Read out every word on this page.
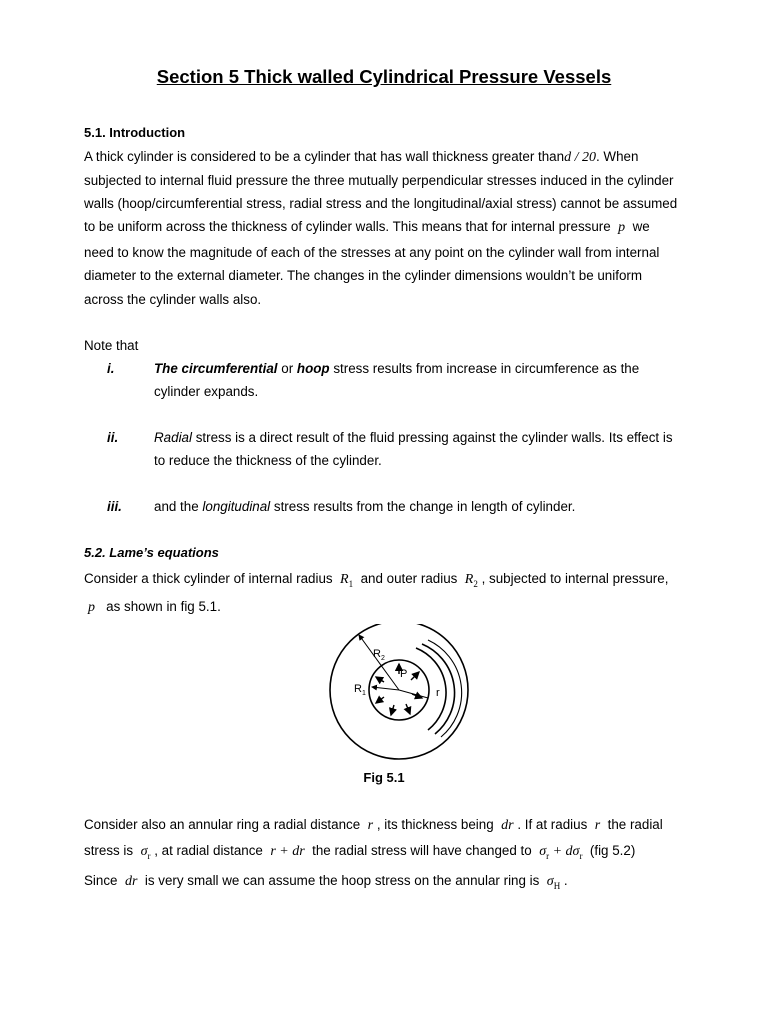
Section 5 Thick walled Cylindrical Pressure Vessels
5.1. Introduction
A thick cylinder is considered to be a cylinder that has wall thickness greater thand / 20. When
subjected to internal fluid pressure the three mutually perpendicular stresses induced in the cylinder
walls (hoop/circumferential stress, radial stress and the longitudinal/axial stress) cannot be assumed
to be uniform across the thickness of cylinder walls. This means that for internal pressure p we
need to know the magnitude of each of the stresses at any point on the cylinder wall from internal
diameter to the external diameter. The changes in the cylinder dimensions wouldn’t be uniform
across the cylinder walls also.
Note that
i.	The circumferential or hoop stress results from increase in circumference as the
cylinder expands.
ii.	Radial stress is a direct result of the fluid pressing against the cylinder walls. Its effect is
to reduce the thickness of the cylinder.
iii. and the longitudinal stress results from the change in length of cylinder.
5.2. Lame’s equations
Consider a thick cylinder of internal radius $R_1$ and outer radius $R_2$ , subjected to internal pressure,
p as shown in fig 5.1.
$R_2$
$R_1$
P
r
Fig 5.1
Consider also an annular ring a radial distance r , its thickness being dr . If at radius r the radial
stress is $\sigma_r$ , at radial distance r + dr the radial stress will have changed to $\sigma_r + d\sigma_r$ (fig 5.2)
Since dr is very small we can assume the hoop stress on the annular ring is $\sigma_H$ .
